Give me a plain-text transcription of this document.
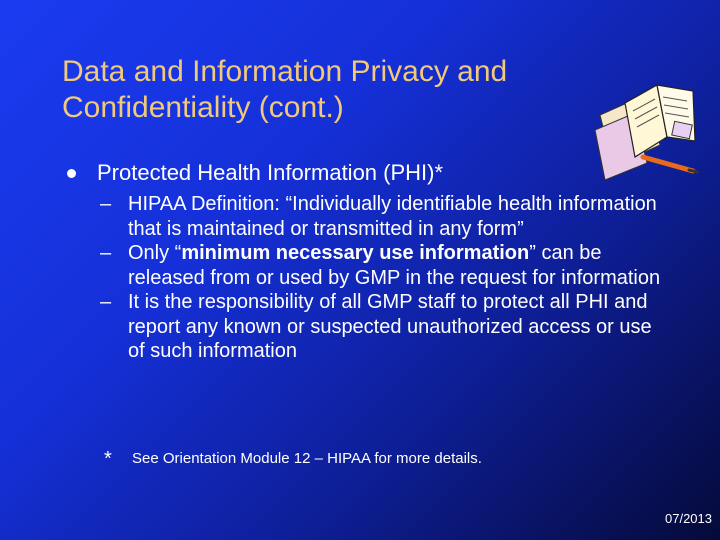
Data and Information Privacy and
Confidentiality (cont.)
Protected Health Information (PHI)*
– HIPAA Definition: “Individually identifiable health information that is maintained or transmitted in any form”
– Only “minimum necessary use information” can be released from or used by GMP in the request for information
– It is the responsibility of all GMP staff to protect all PHI and report any known or suspected unauthorized access or use of such information
* See Orientation Module 12 – HIPAA for more details.
07/2013
